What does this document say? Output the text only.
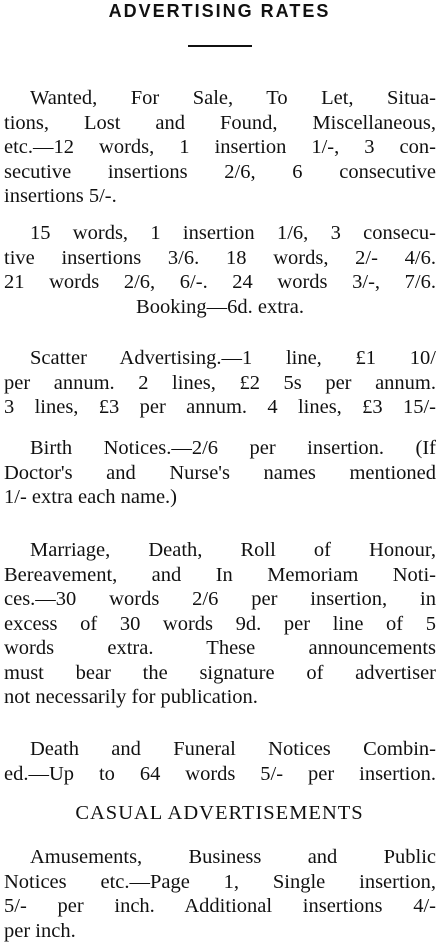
ADVERTISING RATES

Wanted, For Sale, To Let, Situa-
tions, Lost and Found, Miscellaneous,
etc.—12 words, 1 insertion 1/-, 3 con-
secutive insertions 2/6, 6 consecutive
insertions 5/-.

15 words, 1 insertion 1/6, 3 consecu-
tive insertions 3/6. 18 words, 2/- 4/6.
21 words 2/6, 6/-. 24 words 3/-, 7/6.
Booking—6d. extra.

Scatter Advertising.—1 line, £1 10/
per annum. 2 lines, £2 5s per annum.
3 lines, £3 per annum. 4 lines, £3 15/-

Birth Notices.—2/6 per insertion. (If
Doctor's and Nurse's names mentioned
1/- extra each name.)

Marriage, Death, Roll of Honour,
Bereavement, and In Memoriam Noti-
ces.—30 words 2/6 per insertion, in
excess of 30 words 9d. per line of 5
words extra. These announcements
must bear the signature of advertiser
not necessarily for publication.

Death and Funeral Notices Combin-
ed.—Up to 64 words 5/- per insertion.

CASUAL ADVERTISEMENTS

Amusements, Business and Public
Notices etc.—Page 1, Single insertion,
5/- per inch. Additional insertions 4/-
per inch.
